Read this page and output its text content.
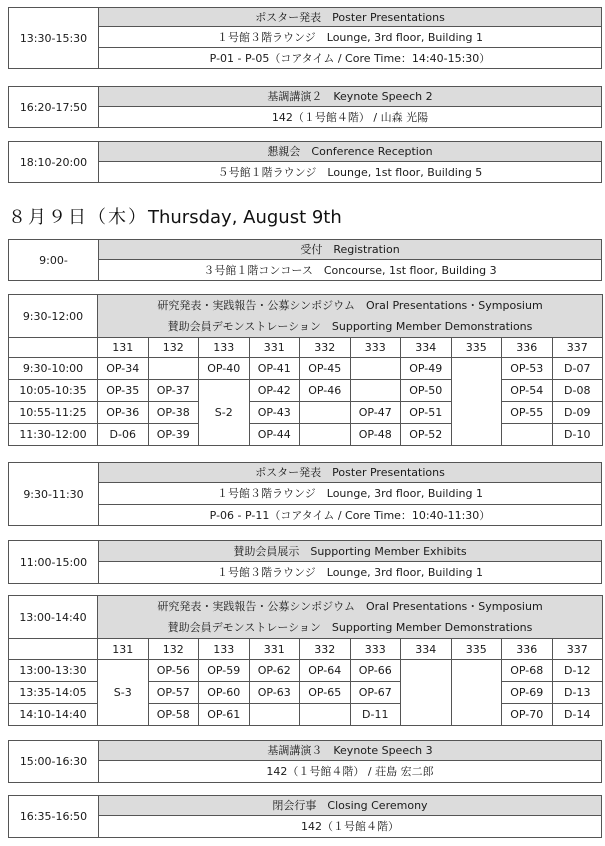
13:30-15:30	ポスター発表　Poster Presentations
１号館３階ラウンジ　Lounge, 3rd floor, Building 1
P-01 - P-05（コアタイム / Core Time：14:40-15:30）
16:20-17:50	基調講演２　Keynote Speech 2
142（１号館４階） / 山森 光陽
18:10-20:00	懇親会　Conference Reception
５号館１階ラウンジ　Lounge, 1st floor, Building 5
８月９日（木）Thursday, August 9th
9:00-	受付　Registration
３号館１階コンコース　Concourse, 1st floor, Building 3
9:30-12:00	研究発表・実践報告・公募シンポジウム　Oral Presentations・Symposium									
	賛助会員デモンストレーション　Supporting Member Demonstrations									
	131	132	133	331	332	333	334	335	336	337
9:30-10:00	OP-34		OP-40	OP-41	OP-45		OP-49		OP-53	D-07
10:05-10:35	OP-35	OP-37	S-2	OP-42	OP-46		OP-50		OP-54	D-08
10:55-11:25	OP-36	OP-38		OP-43		OP-47	OP-51		OP-55	D-09
11:30-12:00	D-06	OP-39		OP-44		OP-48	OP-52			D-10
9:30-11:30	ポスター発表　Poster Presentations
１号館３階ラウンジ　Lounge, 3rd floor, Building 1
P-06 - P-11（コアタイム / Core Time：10:40-11:30）
11:00-15:00	賛助会員展示　Supporting Member Exhibits
１号館３階ラウンジ　Lounge, 3rd floor, Building 1
13:00-14:40	研究発表・実践報告・公募シンポジウム　Oral Presentations・Symposium									
	賛助会員デモンストレーション　Supporting Member Demonstrations									
	131	132	133	331	332	333	334	335	336	337
13:00-13:30	S-3	OP-56	OP-59	OP-62	OP-64	OP-66			OP-68	D-12
13:35-14:05		OP-57	OP-60	OP-63	OP-65	OP-67			OP-69	D-13
14:10-14:40		OP-58	OP-61			D-11			OP-70	D-14
15:00-16:30	基調講演３　Keynote Speech 3
142（１号館４階） / 荘島 宏二郎
16:35-16:50	閉会行事　Closing Ceremony
142（１号館４階）
